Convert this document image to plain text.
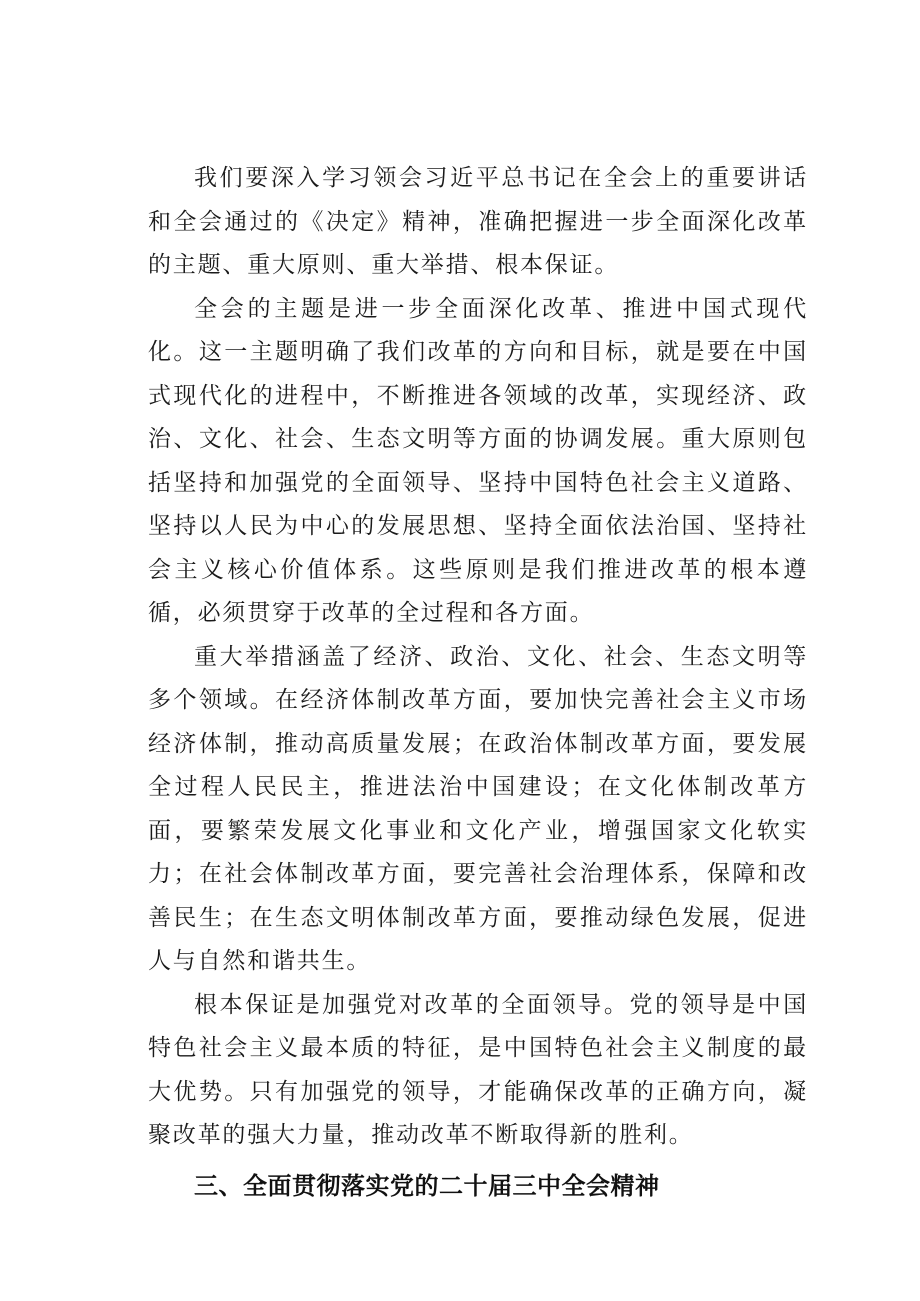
我们要深入学习领会习近平总书记在全会上的重要讲话和全会通过的《决定》精神，准确把握进一步全面深化改革的主题、重大原则、重大举措、根本保证。

全会的主题是进一步全面深化改革、推进中国式现代化。这一主题明确了我们改革的方向和目标，就是要在中国式现代化的进程中，不断推进各领域的改革，实现经济、政治、文化、社会、生态文明等方面的协调发展。重大原则包括坚持和加强党的全面领导、坚持中国特色社会主义道路、坚持以人民为中心的发展思想、坚持全面依法治国、坚持社会主义核心价值体系。这些原则是我们推进改革的根本遵循，必须贯穿于改革的全过程和各方面。

重大举措涵盖了经济、政治、文化、社会、生态文明等多个领域。在经济体制改革方面，要加快完善社会主义市场经济体制，推动高质量发展；在政治体制改革方面，要发展全过程人民民主，推进法治中国建设；在文化体制改革方面，要繁荣发展文化事业和文化产业，增强国家文化软实力；在社会体制改革方面，要完善社会治理体系，保障和改善民生；在生态文明体制改革方面，要推动绿色发展，促进人与自然和谐共生。

根本保证是加强党对改革的全面领导。党的领导是中国特色社会主义最本质的特征，是中国特色社会主义制度的最大优势。只有加强党的领导，才能确保改革的正确方向，凝聚改革的强大力量，推动改革不断取得新的胜利。

三、全面贯彻落实党的二十届三中全会精神
